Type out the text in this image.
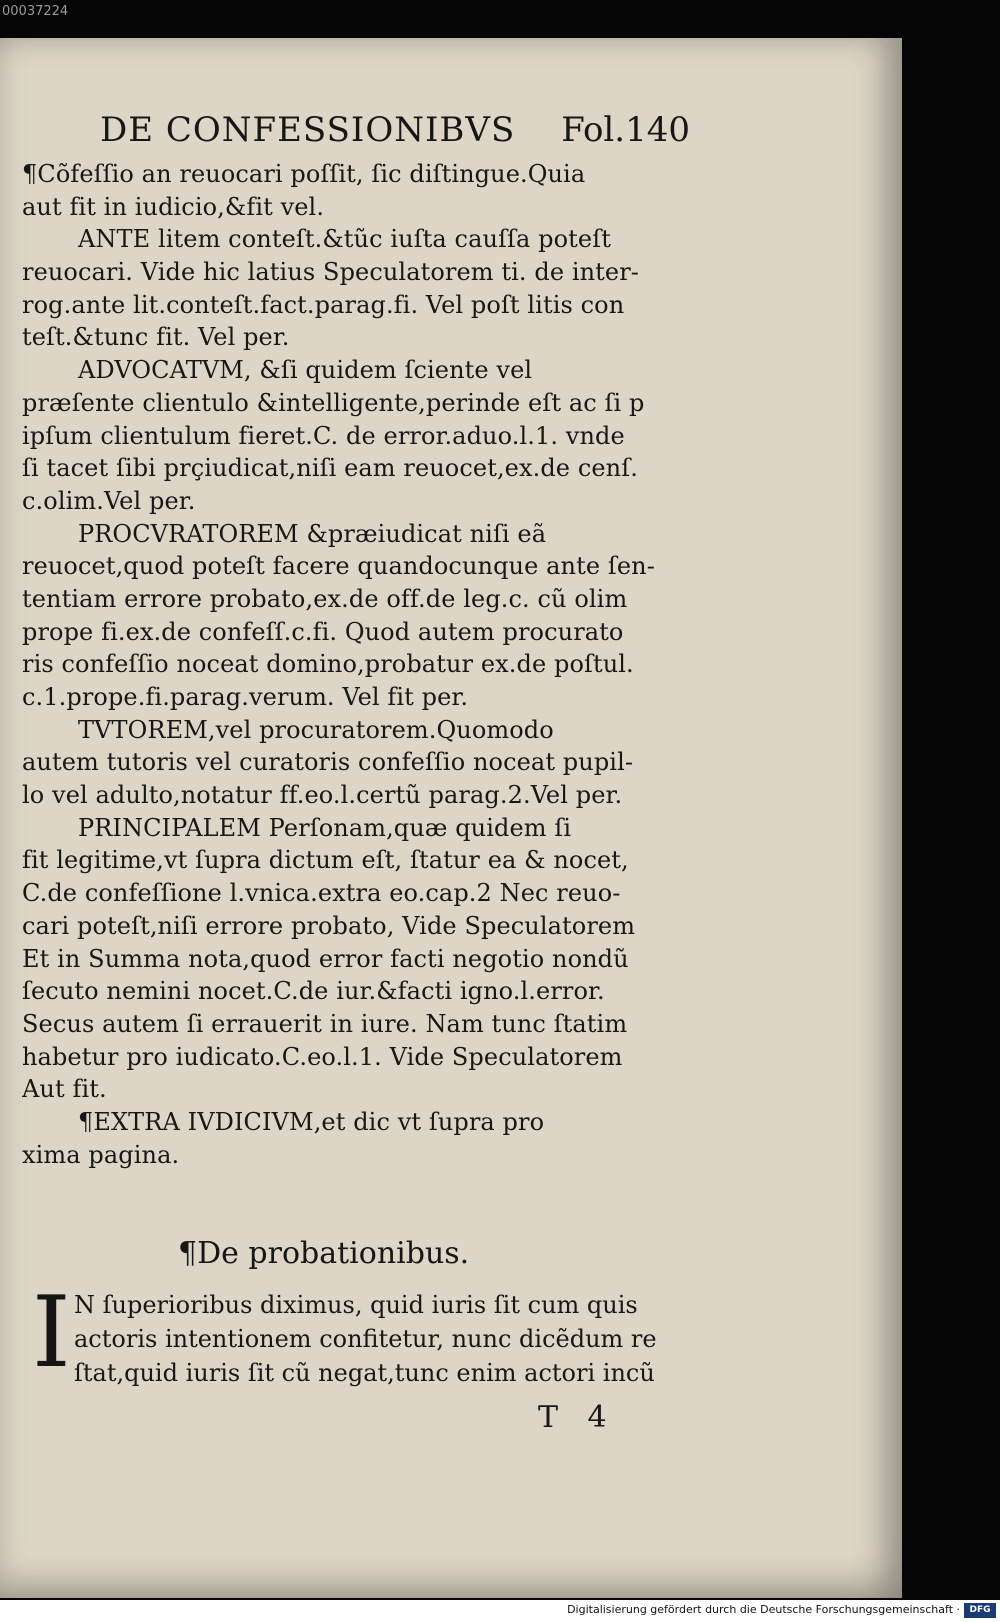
00037224
DE CONFESSIONIBVS Fol.140
¶Cõfeſſio an reuocari poſſit, ſic diſtingue.Quia
aut fit in iudicio,&fit vel.
ANTE litem conteſt.&tũc iuſta cauſſa poteſt
reuocari. Vide hic latius Speculatorem ti. de inter-
rog.ante lit.conteſt.fact.parag.fi. Vel poſt litis con
teſt.&tunc fit. Vel per.
ADVOCATVM, &ſi quidem ſciente vel
præſente clientulo &intelligente,perinde eſt ac ſi p
ipſum clientulum fieret.C. de error.aduo.l.1. vnde
ſi tacet ſibi prçiudicat,niſi eam reuocet,ex.de cenſ.
c.olim.Vel per.
PROCVRATOREM &præiudicat niſi eã
reuocet,quod poteſt facere quandocunque ante ſen-
tentiam errore probato,ex.de off.de leg.c. cũ olim
prope fi.ex.de confeſſ.c.fi. Quod autem procurato
ris confeſſio noceat domino,probatur ex.de poſtul.
c.1.prope.fi.parag.verum. Vel fit per.
TVTOREM,vel procuratorem.Quomodo
autem tutoris vel curatoris confeſſio noceat pupil-
lo vel adulto,notatur ff.eo.l.certũ parag.2.Vel per.
PRINCIPALEM Perſonam,quæ quidem ſi
fit legitime,vt ſupra dictum eſt, ſtatur ea & nocet,
C.de confeſſione l.vnica.extra eo.cap.2 Nec reuo-
cari poteſt,niſi errore probato, Vide Speculatorem
Et in Summa nota,quod error facti negotio nondũ
ſecuto nemini nocet.C.de iur.&facti igno.l.error.
Secus autem ſi errauerit in iure. Nam tunc ſtatim
habetur pro iudicato.C.eo.l.1. Vide Speculatorem
Aut fit.
¶EXTRA IVDICIVM,et dic vt ſupra pro
xima pagina.
¶De probationibus.
I N ſuperioribus diximus, quid iuris ſit cum quis
actoris intentionem confitetur, nunc dicẽdum re
ſtat,quid iuris ſit cũ negat,tunc enim actori incũ
T 4
Digitalisierung gefördert durch die Deutsche Forschungsgemeinschaft ·	DFG
